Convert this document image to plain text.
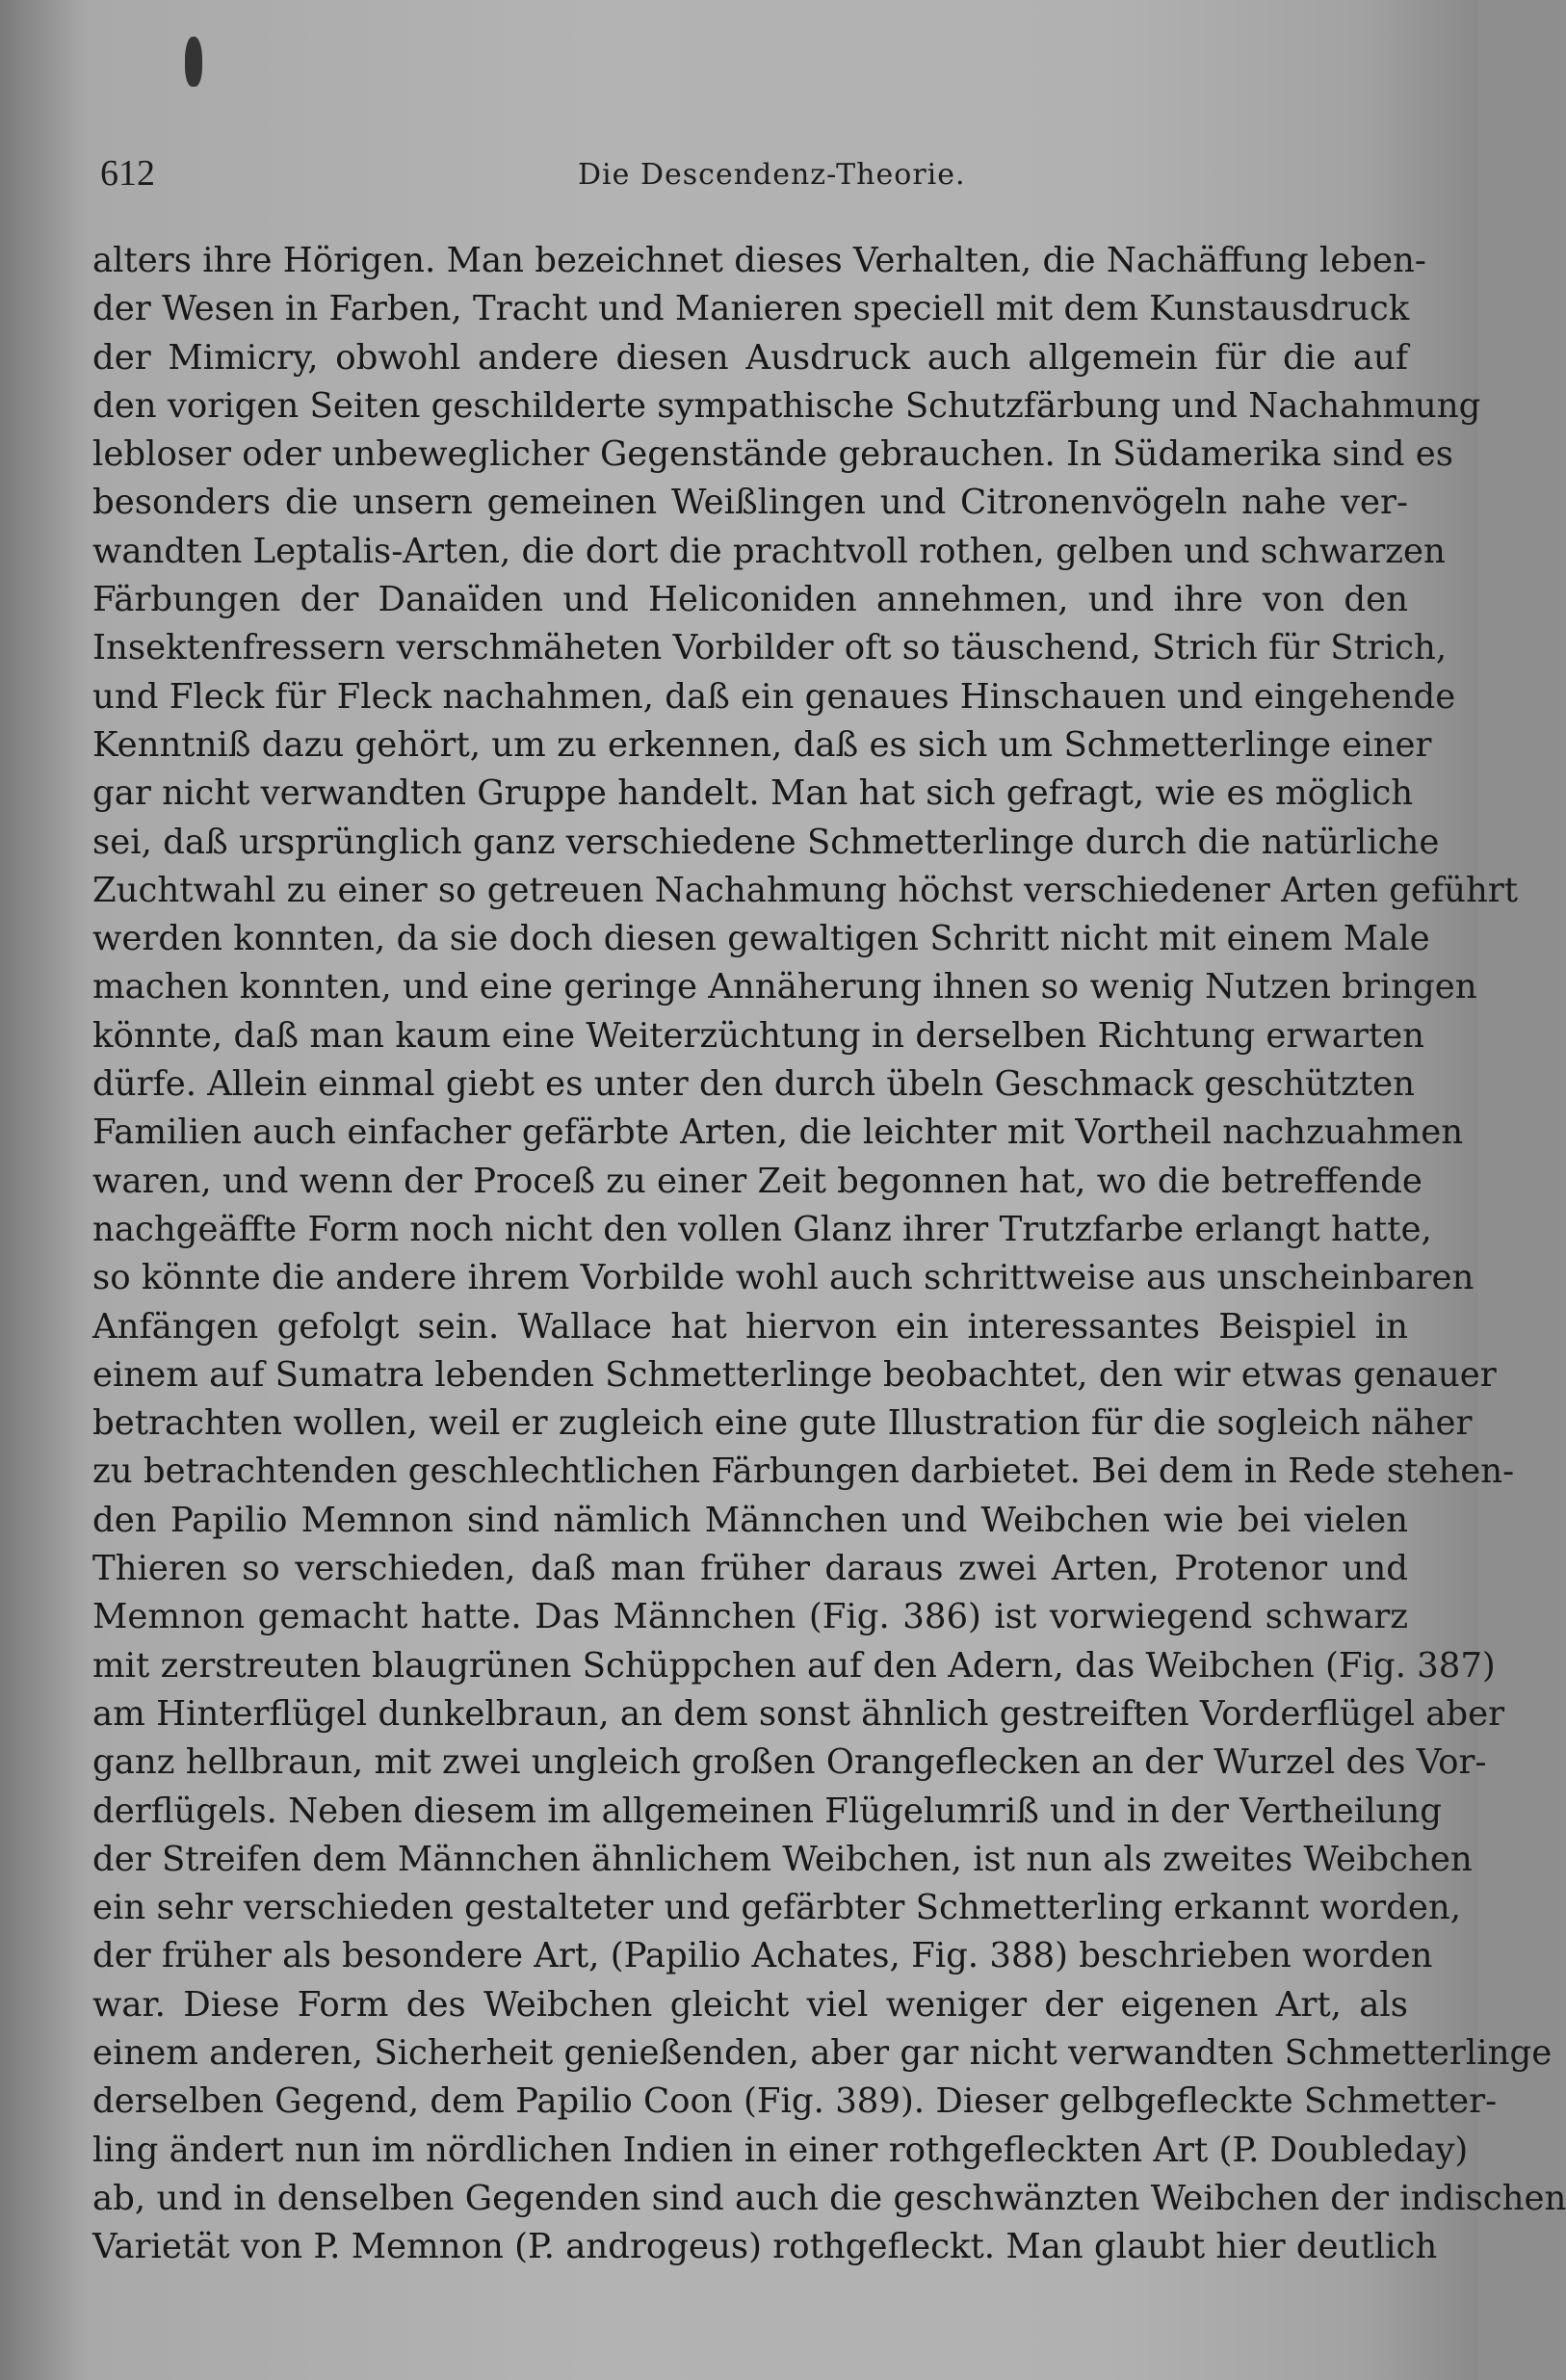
612	Die Descendenz-Theorie.
alters ihre Hörigen. Man bezeichnet dieses Verhalten, die Nachäffung leben-
der Wesen in Farben, Tracht und Manieren speciell mit dem Kunstausdruck
der Mimicry, obwohl andere diesen Ausdruck auch allgemein für die auf
den vorigen Seiten geschilderte sympathische Schutzfärbung und Nachahmung
lebloser oder unbeweglicher Gegenstände gebrauchen. In Südamerika sind es
besonders die unsern gemeinen Weißlingen und Citronenvögeln nahe ver-
wandten Leptalis-Arten, die dort die prachtvoll rothen, gelben und schwarzen
Färbungen der Danaïden und Heliconiden annehmen, und ihre von den
Insektenfressern verschmäheten Vorbilder oft so täuschend, Strich für Strich,
und Fleck für Fleck nachahmen, daß ein genaues Hinschauen und eingehende
Kenntniß dazu gehört, um zu erkennen, daß es sich um Schmetterlinge einer
gar nicht verwandten Gruppe handelt. Man hat sich gefragt, wie es möglich
sei, daß ursprünglich ganz verschiedene Schmetterlinge durch die natürliche
Zuchtwahl zu einer so getreuen Nachahmung höchst verschiedener Arten geführt
werden konnten, da sie doch diesen gewaltigen Schritt nicht mit einem Male
machen konnten, und eine geringe Annäherung ihnen so wenig Nutzen bringen
könnte, daß man kaum eine Weiterzüchtung in derselben Richtung erwarten
dürfe. Allein einmal giebt es unter den durch übeln Geschmack geschützten
Familien auch einfacher gefärbte Arten, die leichter mit Vortheil nachzuahmen
waren, und wenn der Proceß zu einer Zeit begonnen hat, wo die betreffende
nachgeäffte Form noch nicht den vollen Glanz ihrer Trutzfarbe erlangt hatte,
so könnte die andere ihrem Vorbilde wohl auch schrittweise aus unscheinbaren
Anfängen gefolgt sein. Wallace hat hiervon ein interessantes Beispiel in
einem auf Sumatra lebenden Schmetterlinge beobachtet, den wir etwas genauer
betrachten wollen, weil er zugleich eine gute Illustration für die sogleich näher
zu betrachtenden geschlechtlichen Färbungen darbietet. Bei dem in Rede stehen-
den Papilio Memnon sind nämlich Männchen und Weibchen wie bei vielen
Thieren so verschieden, daß man früher daraus zwei Arten, Protenor und
Memnon gemacht hatte. Das Männchen (Fig. 386) ist vorwiegend schwarz
mit zerstreuten blaugrünen Schüppchen auf den Adern, das Weibchen (Fig. 387)
am Hinterflügel dunkelbraun, an dem sonst ähnlich gestreiften Vorderflügel aber
ganz hellbraun, mit zwei ungleich großen Orangeflecken an der Wurzel des Vor-
derflügels. Neben diesem im allgemeinen Flügelumriß und in der Vertheilung
der Streifen dem Männchen ähnlichem Weibchen, ist nun als zweites Weibchen
ein sehr verschieden gestalteter und gefärbter Schmetterling erkannt worden,
der früher als besondere Art, (Papilio Achates, Fig. 388) beschrieben worden
war. Diese Form des Weibchen gleicht viel weniger der eigenen Art, als
einem anderen, Sicherheit genießenden, aber gar nicht verwandten Schmetterlinge
derselben Gegend, dem Papilio Coon (Fig. 389). Dieser gelbgefleckte Schmetter-
ling ändert nun im nördlichen Indien in einer rothgefleckten Art (P. Doubleday)
ab, und in denselben Gegenden sind auch die geschwänzten Weibchen der indischen
Varietät von P. Memnon (P. androgeus) rothgefleckt. Man glaubt hier deutlich
